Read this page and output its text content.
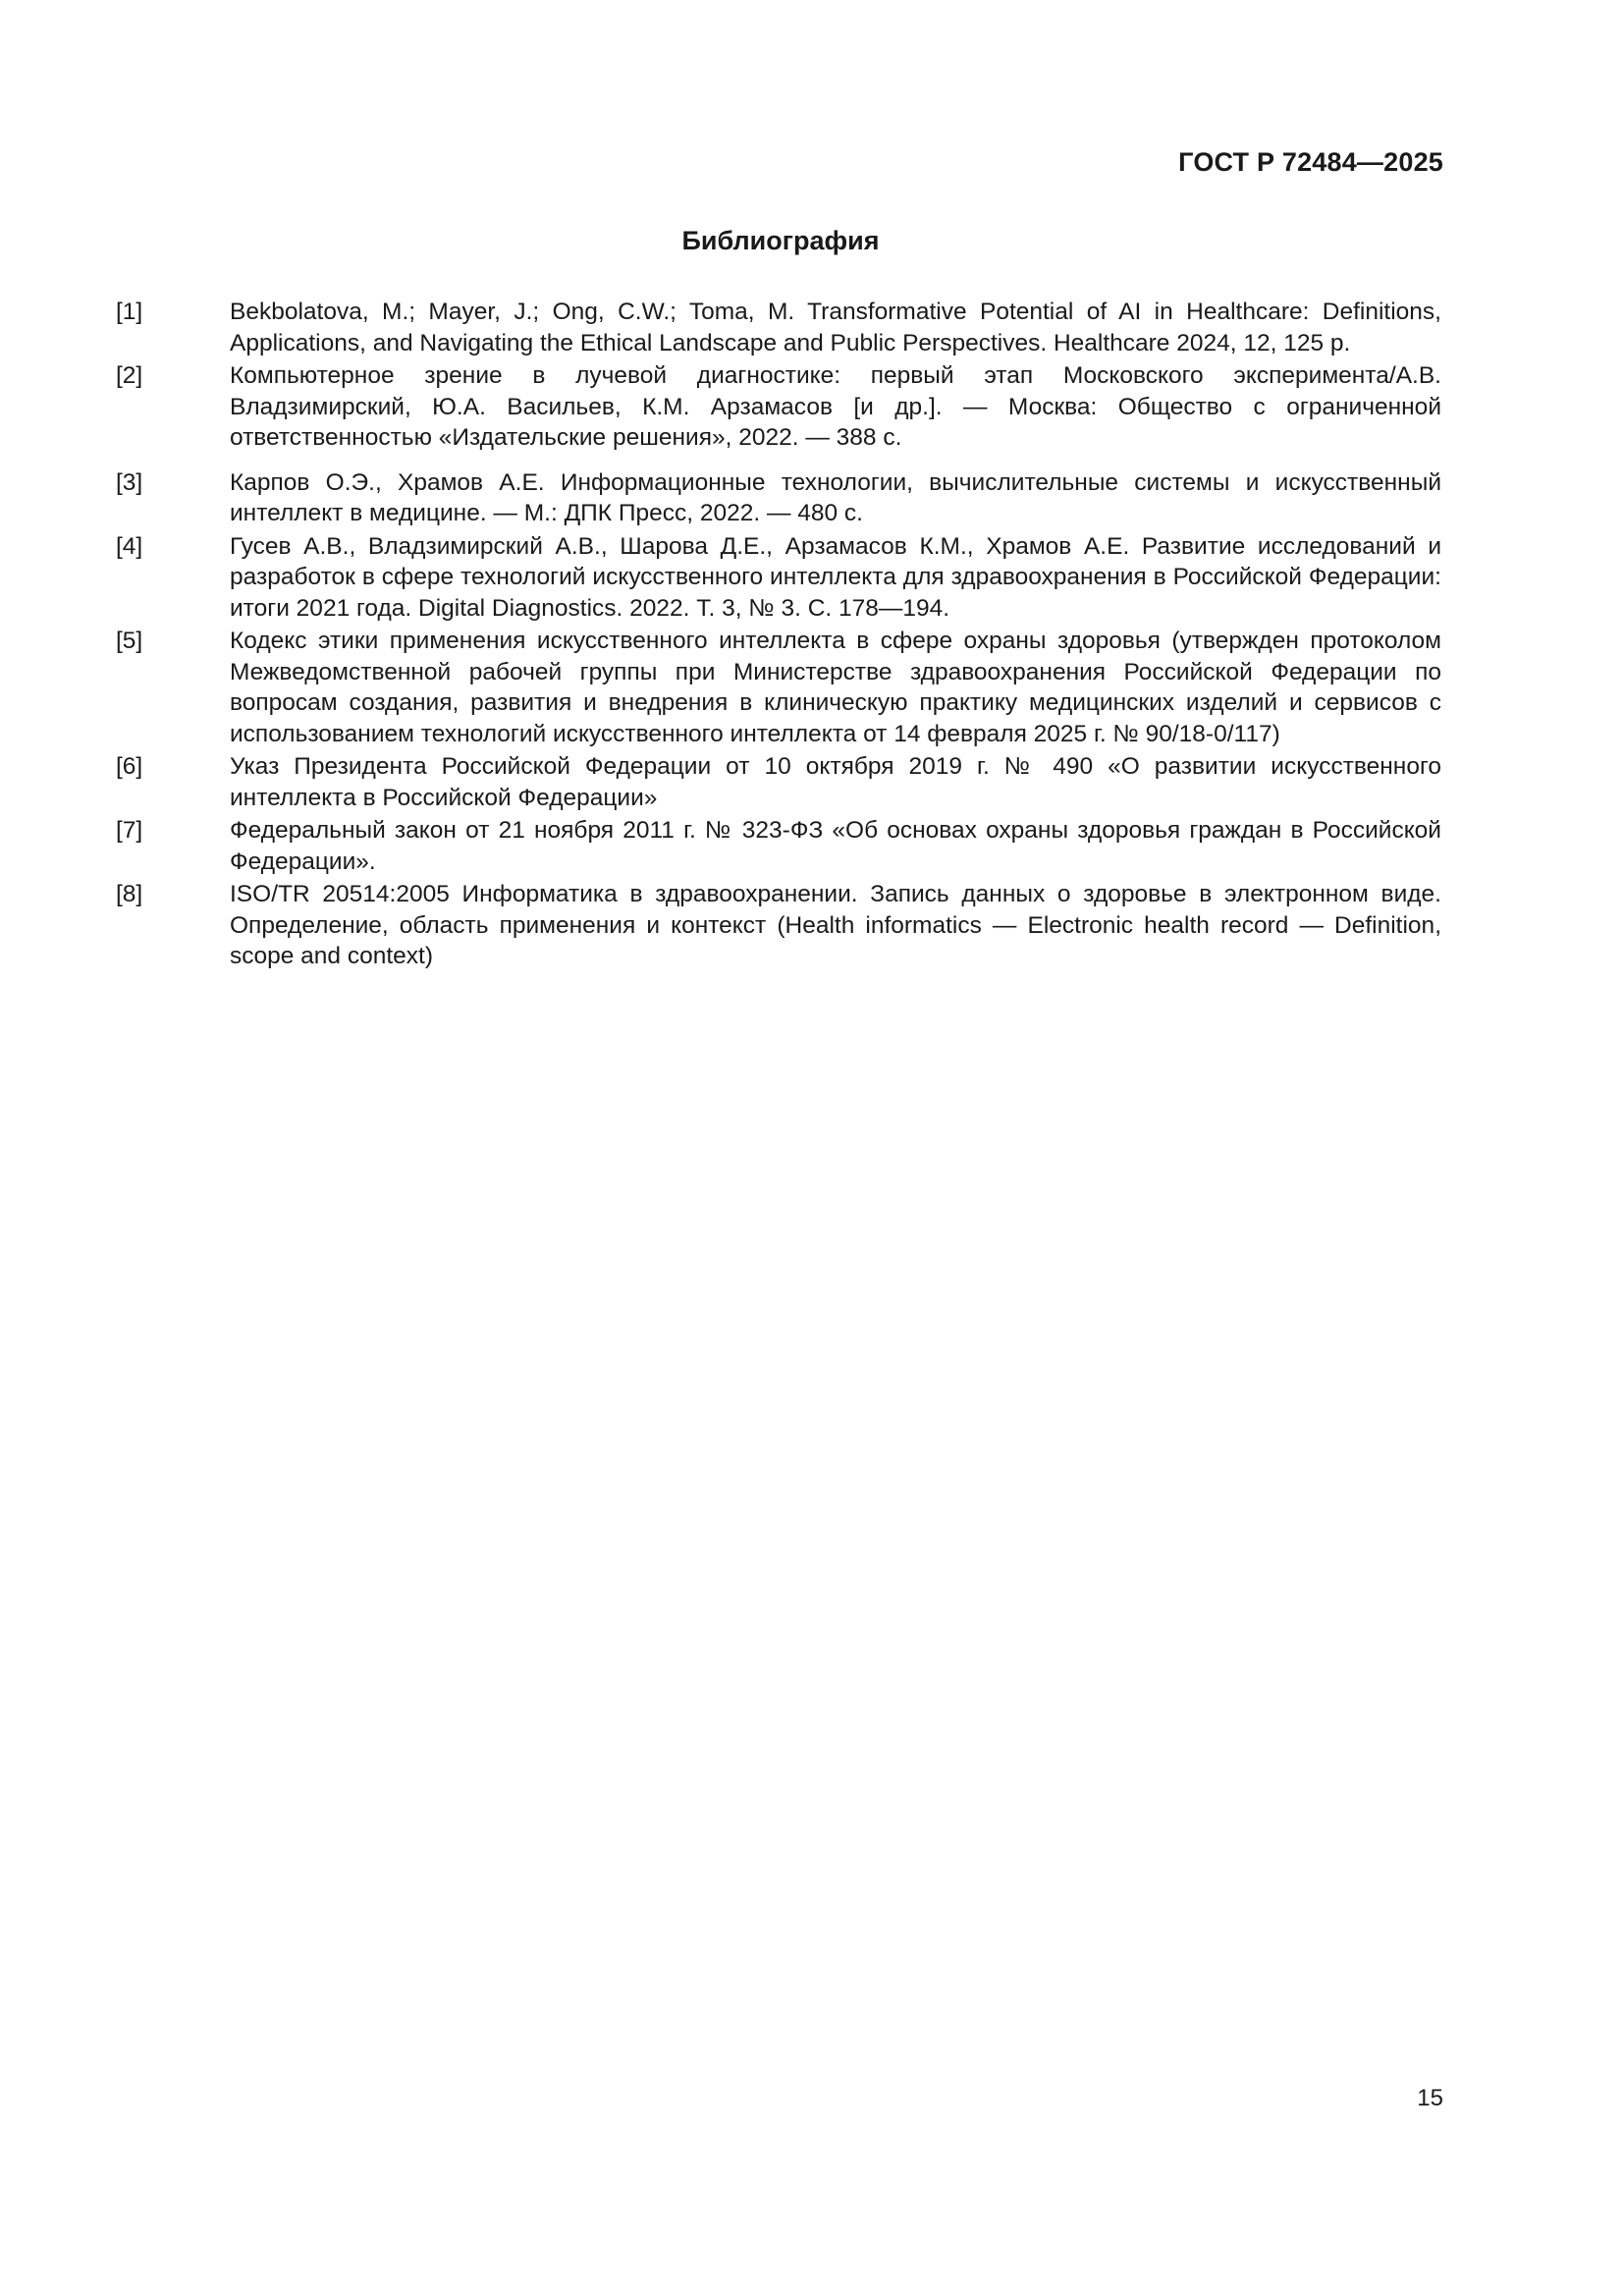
ГОСТ Р 72484—2025
Библиография
[1]	Bekbolatova, M.; Mayer, J.; Ong, C.W.; Toma, M. Transformative Potential of AI in Healthcare: Definitions, Applications, and Navigating the Ethical Landscape and Public Perspectives. Healthcare 2024, 12, 125 p.
[2]	Компьютерное зрение в лучевой диагностике: первый этап Московского эксперимента/А.В. Владзимирский, Ю.А. Васильев, К.М. Арзамасов [и др.]. — Москва: Общество с ограниченной ответственностью «Издательские решения», 2022. — 388 с.
[3]	Карпов О.Э., Храмов А.Е. Информационные технологии, вычислительные системы и искусственный интеллект в медицине. — М.: ДПК Пресс, 2022. — 480 с.
[4]	Гусев А.В., Владзимирский А.В., Шарова Д.Е., Арзамасов К.М., Храмов А.Е. Развитие исследований и разработок в сфере технологий искусственного интеллекта для здравоохранения в Российской Федерации: итоги 2021 года. Digital Diagnostics. 2022. Т. 3, № 3. С. 178—194.
[5]	Кодекс этики применения искусственного интеллекта в сфере охраны здоровья (утвержден протоколом Межведомственной рабочей группы при Министерстве здравоохранения Российской Федерации по вопросам создания, развития и внедрения в клиническую практику медицинских изделий и сервисов с использованием технологий искусственного интеллекта от 14 февраля 2025 г. № 90/18-0/117)
[6]	Указ Президента Российской Федерации от 10 октября 2019 г. № 490 «О развитии искусственного интеллекта в Российской Федерации»
[7]	Федеральный закон от 21 ноября 2011 г. № 323-ФЗ «Об основах охраны здоровья граждан в Российской Федерации».
[8]	ISO/TR 20514:2005 Информатика в здравоохранении. Запись данных о здоровье в электронном виде. Определение, область применения и контекст (Health informatics — Electronic health record — Definition, scope and context)
15
